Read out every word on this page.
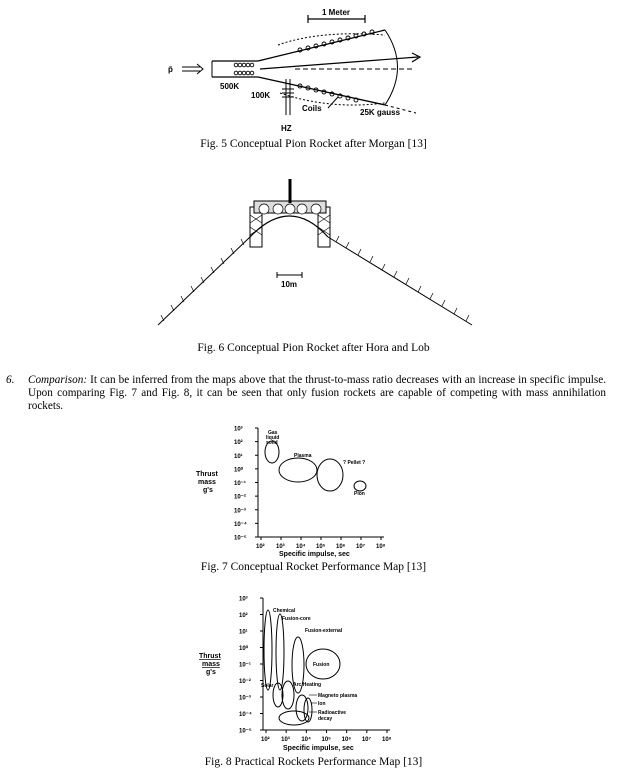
1 Meter
p̄
500K
100K
Coils	25K gauss
HZ
Fig. 5 Conceptual Pion Rocket after Morgan [13]
10m
Fig. 6 Conceptual Pion Rocket after Hora and Lob
6. Comparison: It can be inferred from the maps above that the thrust-to-mass ratio decreases with an increase in specific impulse. Upon comparing Fig. 7 and Fig. 8, it can be seen that only fusion rockets are capable of competing with mass annihilation rockets.
10³
10²
10¹
10⁰
10⁻¹
10⁻²
10⁻³
10⁻⁴
10⁻⁵
10² 10³ 10⁴ 10⁵ 10⁶ 10⁷ 10⁸
Thrust
mass
g's
Specific impulse, sec
Gas
liquid
solid
Plasma
? Pellet ?
Pion
Fig. 7 Conceptual Rocket Performance Map [13]
10³
10²
10¹
10⁰
10⁻¹
10⁻²
10⁻³
10⁻⁴
10⁻⁵
10² 10³ 10⁴ 10⁵ 10⁶ 10⁷ 10⁸
Thrust
mass
g's
Specific impulse, sec
Chemical
Fusion-core
Fusion-external
Fusion
Solar	Arc Heating
Magneto plasma
Ion
Radioactive
decay
Fig. 8 Practical Rockets Performance Map [13]
